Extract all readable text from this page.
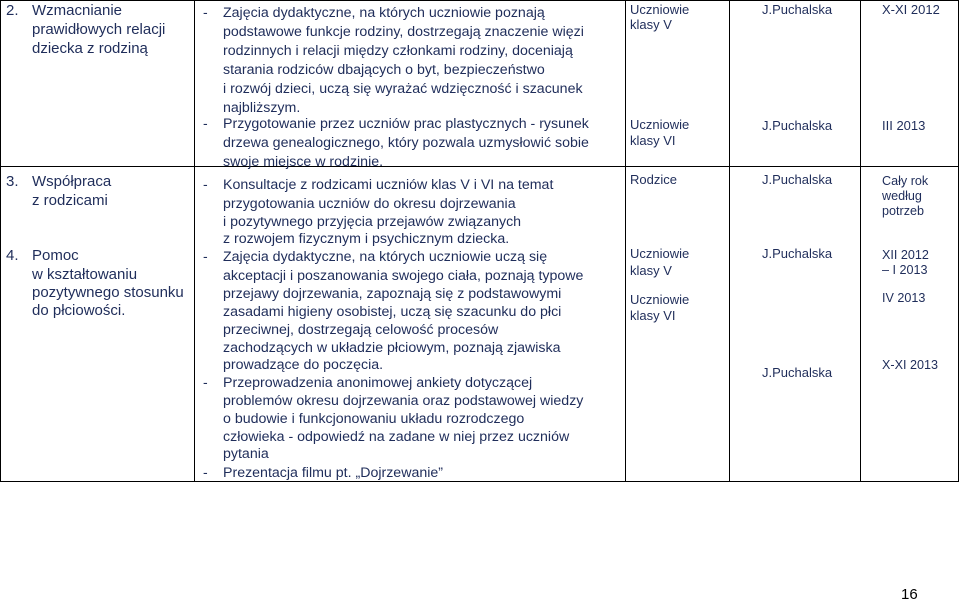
2. Wzmacnianie
prawidłowych relacji
dziecka z rodziną
- Zajęcia dydaktyczne, na których uczniowie poznają
podstawowe funkcje rodziny, dostrzegają znaczenie więzi
rodzinnych i relacji między członkami rodziny, doceniają
starania rodziców dbających o byt, bezpieczeństwo
i rozwój dzieci, uczą się wyrażać wdzięczność i szacunek
najbliższym.
- Przygotowanie przez uczniów prac plastycznych - rysunek
drzewa genealogicznego, który pozwala uzmysłowić sobie
swoje miejsce w rodzinie.
Uczniowie
klasy V
Uczniowie
klasy VI
J.Puchalska
J.Puchalska
X-XI 2012
III 2013
3. Współpraca
z rodzicami
4. Pomoc
w kształtowaniu
pozytywnego stosunku
do płciowości.
- Konsultacje z rodzicami uczniów klas V i VI na temat
przygotowania uczniów do okresu dojrzewania
i pozytywnego przyjęcia przejawów związanych
z rozwojem fizycznym i psychicznym dziecka.
- Zajęcia dydaktyczne, na których uczniowie uczą się
akceptacji i poszanowania swojego ciała, poznają typowe
przejawy dojrzewania, zapoznają się z podstawowymi
zasadami higieny osobistej, uczą się szacunku do płci
przeciwnej, dostrzegają celowość procesów
zachodzących w układzie płciowym, poznają zjawiska
prowadzące do poczęcia.
- Przeprowadzenia anonimowej ankiety dotyczącej
problemów okresu dojrzewania oraz podstawowej wiedzy
o budowie i funkcjonowaniu układu rozrodczego
człowieka - odpowiedź na zadane w niej przez uczniów
pytania
- Prezentacja filmu pt. „Dojrzewanie”
Rodzice
Uczniowie
klasy V
Uczniowie
klasy VI
J.Puchalska
J.Puchalska
J.Puchalska
Cały rok
według
potrzeb
XII 2012
– I 2013
IV 2013
X-XI 2013
16
